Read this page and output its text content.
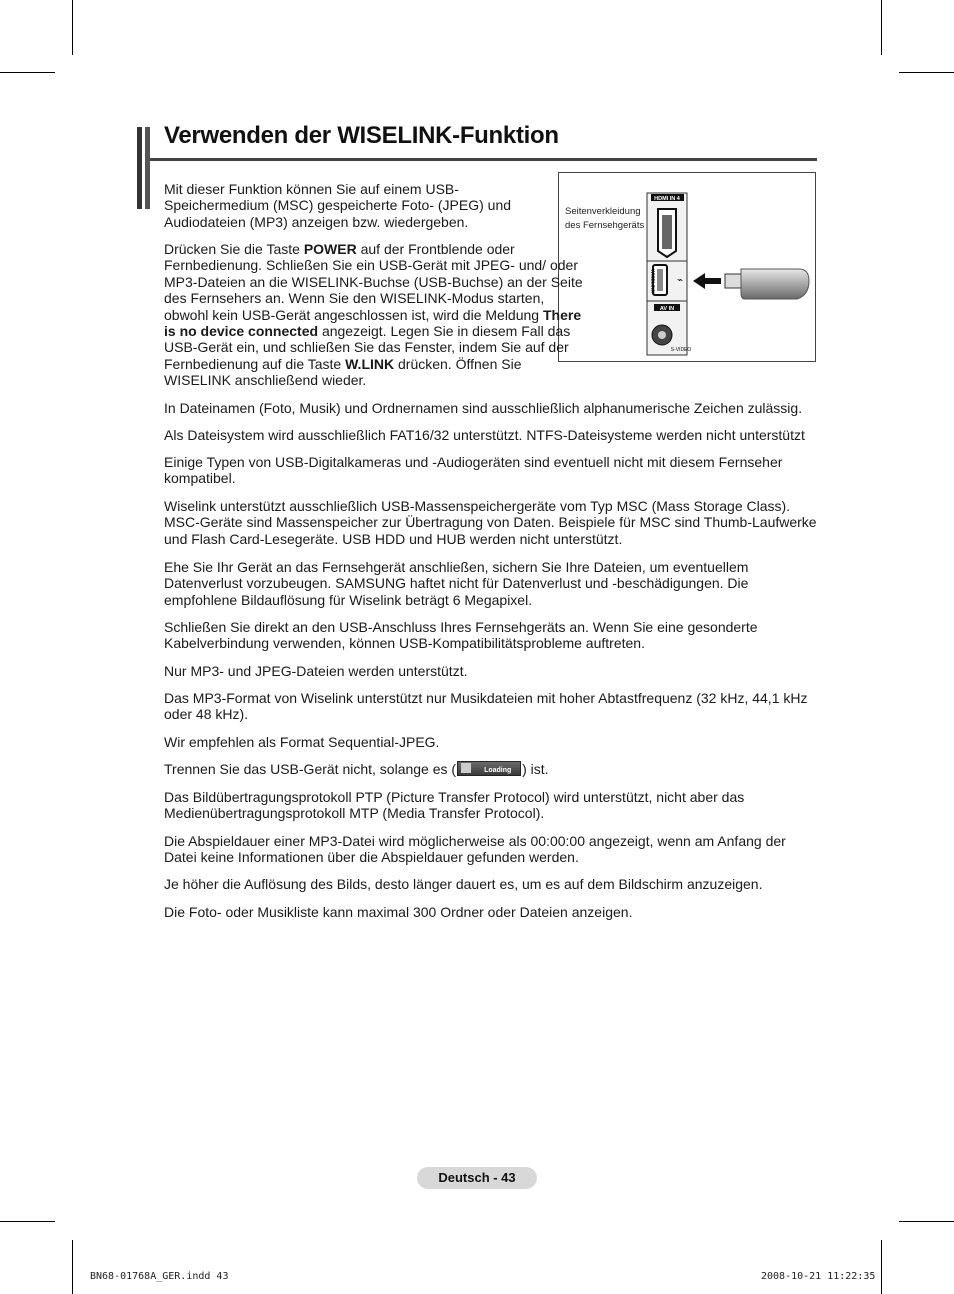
Verwenden der WISELINK-Funktion
Seitenverkleidung des Fernsehgeräts
HDMI IN 4
WISELINK ⌁
AV IN
S-VIDEO

Mit dieser Funktion können Sie auf einem USB-Speichermedium (MSC) gespeicherte Foto- (JPEG) und Audiodateien (MP3) anzeigen bzw. wiedergeben.

Drücken Sie die Taste POWER auf der Frontblende oder Fernbedienung. Schließen Sie ein USB-Gerät mit JPEG- und/ oder MP3-Dateien an die WISELINK-Buchse (USB-Buchse) an der Seite des Fernsehers an. Wenn Sie den WISELINK-Modus starten, obwohl kein USB-Gerät angeschlossen ist, wird die Meldung There is no device connected angezeigt. Legen Sie in diesem Fall das USB-Gerät ein, und schließen Sie das Fenster, indem Sie auf der Fernbedienung auf die Taste W.LINK drücken. Öffnen Sie WISELINK anschließend wieder.

In Dateinamen (Foto, Musik) und Ordnernamen sind ausschließlich alphanumerische Zeichen zulässig.

Als Dateisystem wird ausschließlich FAT16/32 unterstützt. NTFS-Dateisysteme werden nicht unterstützt

Einige Typen von USB-Digitalkameras und -Audiogeräten sind eventuell nicht mit diesem Fernseher kompatibel.

Wiselink unterstützt ausschließlich USB-Massenspeichergeräte vom Typ MSC (Mass Storage Class). MSC-Geräte sind Massenspeicher zur Übertragung von Daten. Beispiele für MSC sind Thumb-Laufwerke und Flash Card-Lesegeräte. USB HDD und HUB werden nicht unterstützt.

Ehe Sie Ihr Gerät an das Fernsehgerät anschließen, sichern Sie Ihre Dateien, um eventuellem Datenverlust vorzubeugen. SAMSUNG haftet nicht für Datenverlust und -beschädigungen. Die empfohlene Bildauflösung für Wiselink beträgt 6 Megapixel.

Schließen Sie direkt an den USB-Anschluss Ihres Fernsehgeräts an. Wenn Sie eine gesonderte Kabelverbindung verwenden, können USB-Kompatibilitätsprobleme auftreten.

Nur MP3- und JPEG-Dateien werden unterstützt.

Das MP3-Format von Wiselink unterstützt nur Musikdateien mit hoher Abtastfrequenz (32 kHz, 44,1 kHz oder 48 kHz).

Wir empfehlen als Format Sequential-JPEG.

Trennen Sie das USB-Gerät nicht, solange es (	Loading ) ist.

Das Bildübertragungsprotokoll PTP (Picture Transfer Protocol) wird unterstützt, nicht aber das Medienübertragungsprotokoll MTP (Media Transfer Protocol).

Die Abspieldauer einer MP3-Datei wird möglicherweise als 00:00:00 angezeigt, wenn am Anfang der Datei keine Informationen über die Abspieldauer gefunden werden.

Je höher die Auflösung des Bilds, desto länger dauert es, um es auf dem Bildschirm anzuzeigen.

Die Foto- oder Musikliste kann maximal 300 Ordner oder Dateien anzeigen.

Deutsch - 43
BN68-01768A_GER.indd 43	2008-10-21 11:22:35
